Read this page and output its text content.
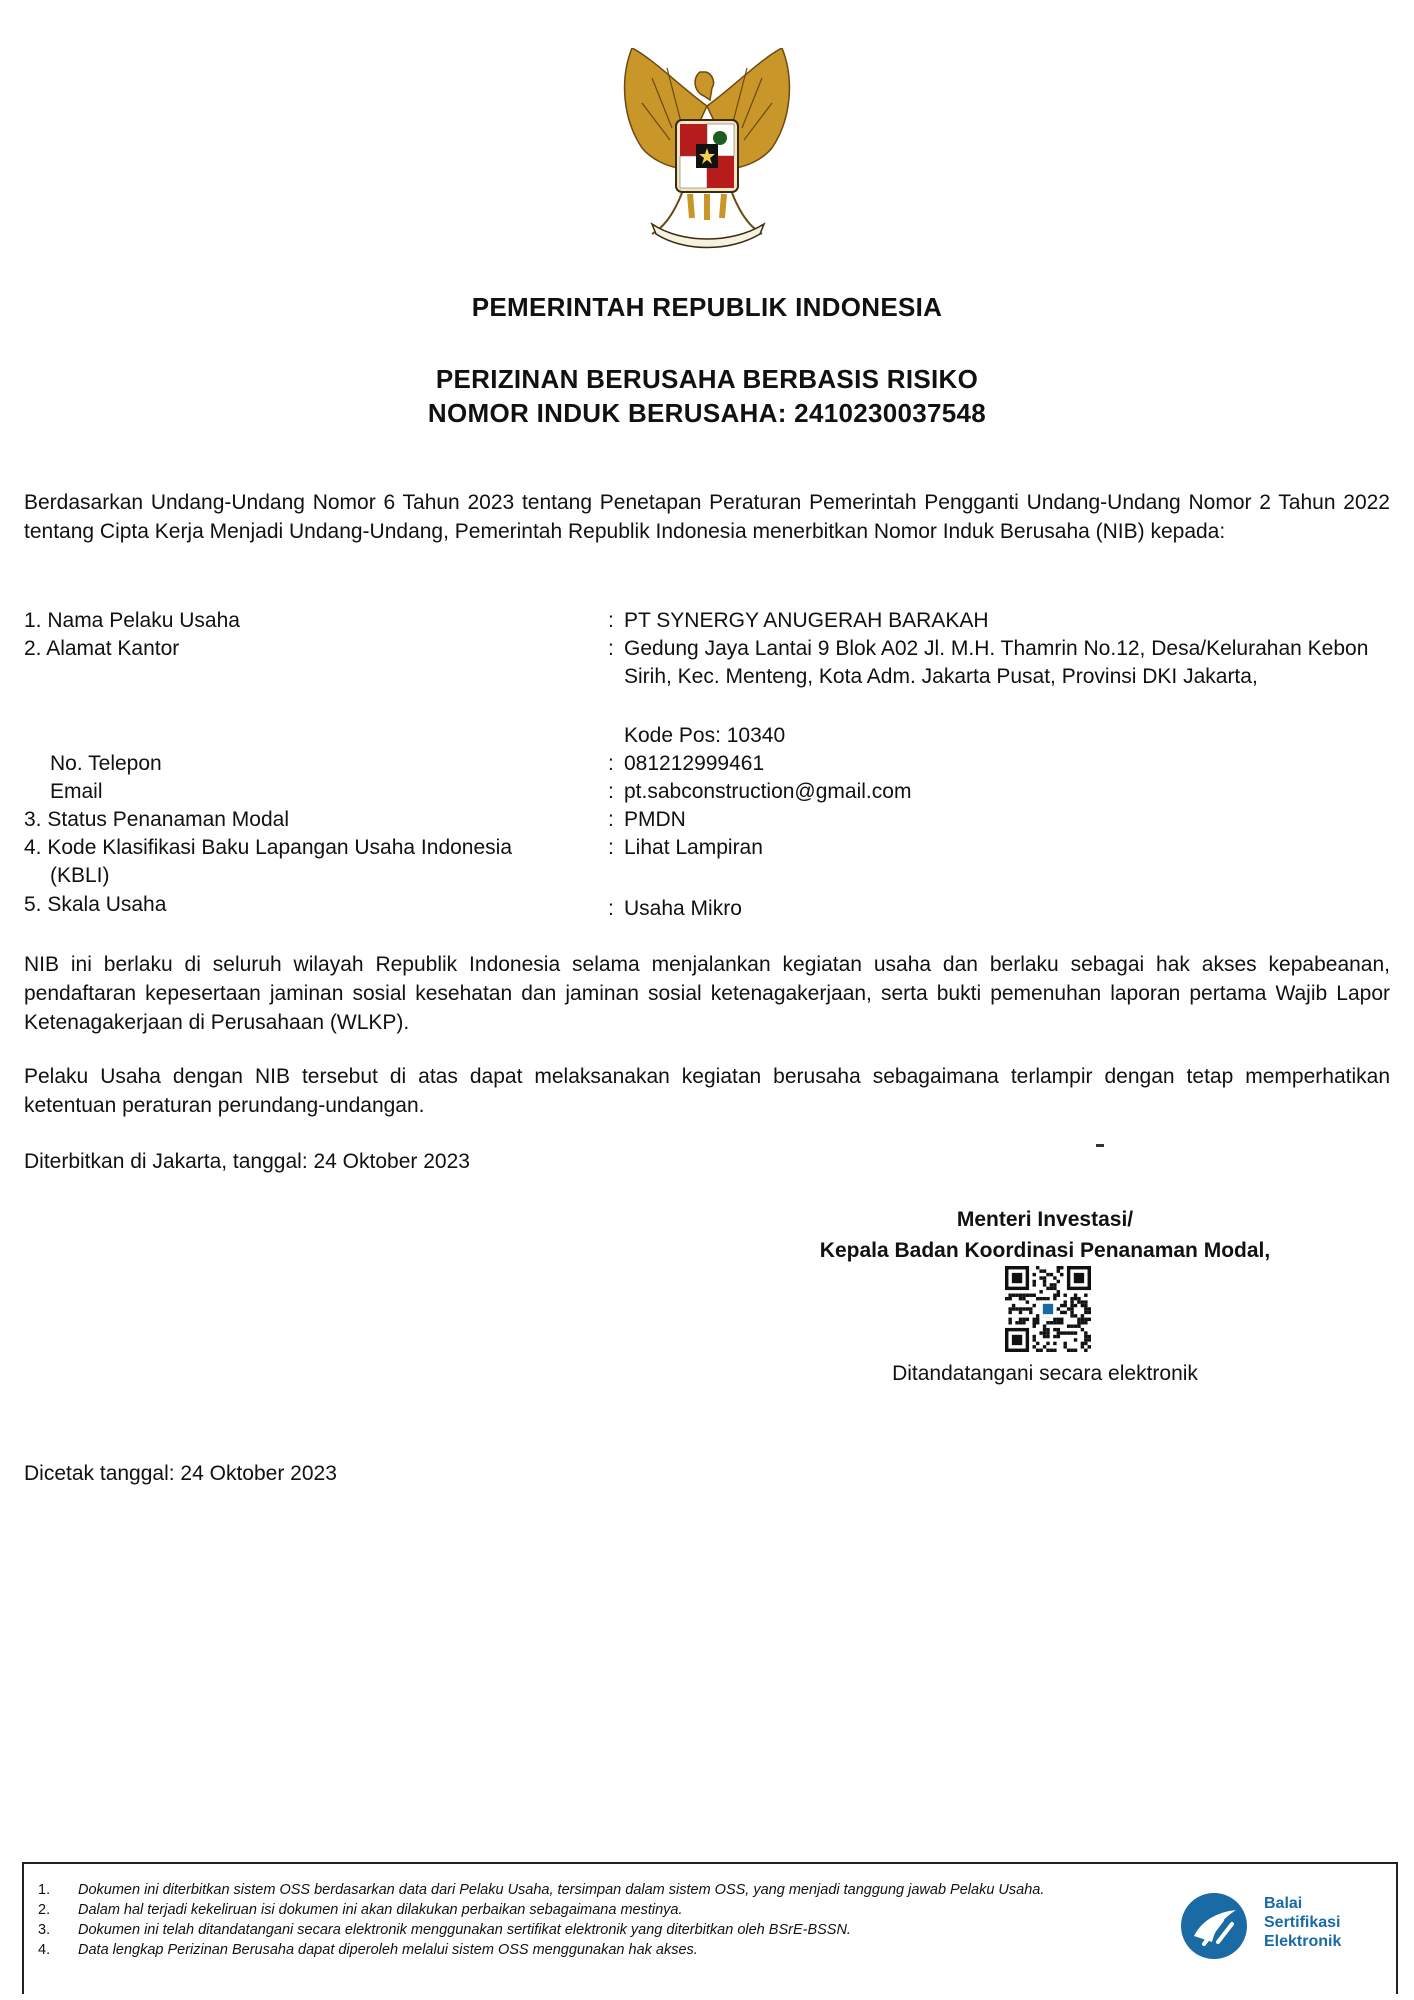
PEMERINTAH REPUBLIK INDONESIA
PERIZINAN BERUSAHA BERBASIS RISIKO
NOMOR INDUK BERUSAHA: 2410230037548
Berdasarkan Undang-Undang Nomor 6 Tahun 2023 tentang Penetapan Peraturan Pemerintah Pengganti Undang-Undang Nomor 2 Tahun 2022 tentang Cipta Kerja Menjadi Undang-Undang, Pemerintah Republik Indonesia menerbitkan Nomor Induk Berusaha (NIB) kepada:
1. Nama Pelaku Usaha	: PT SYNERGY ANUGERAH BARAKAH
2. Alamat Kantor	: Gedung Jaya Lantai 9 Blok A02 Jl. M.H. Thamrin No.12, Desa/Kelurahan Kebon Sirih, Kec. Menteng, Kota Adm. Jakarta Pusat, Provinsi DKI Jakarta,
Kode Pos: 10340
No. Telepon	: 081212999461
Email	: pt.sabconstruction@gmail.com
3. Status Penanaman Modal	: PMDN
4. Kode Klasifikasi Baku Lapangan Usaha Indonesia	: Lihat Lampiran
(KBLI)
5. Skala Usaha	: Usaha Mikro
NIB ini berlaku di seluruh wilayah Republik Indonesia selama menjalankan kegiatan usaha dan berlaku sebagai hak akses kepabeanan, pendaftaran kepesertaan jaminan sosial kesehatan dan jaminan sosial ketenagakerjaan, serta bukti pemenuhan laporan pertama Wajib Lapor Ketenagakerjaan di Perusahaan (WLKP).
Pelaku Usaha dengan NIB tersebut di atas dapat melaksanakan kegiatan berusaha sebagaimana terlampir dengan tetap memperhatikan ketentuan peraturan perundang-undangan.
Diterbitkan di Jakarta, tanggal: 24 Oktober 2023
Menteri Investasi/
Kepala Badan Koordinasi Penanaman Modal,
Ditandatangani secara elektronik
Dicetak tanggal: 24 Oktober 2023
1. Dokumen ini diterbitkan sistem OSS berdasarkan data dari Pelaku Usaha, tersimpan dalam sistem OSS, yang menjadi tanggung jawab Pelaku Usaha.
2. Dalam hal terjadi kekeliruan isi dokumen ini akan dilakukan perbaikan sebagaimana mestinya.
3. Dokumen ini telah ditandatangani secara elektronik menggunakan sertifikat elektronik yang diterbitkan oleh BSrE-BSSN.
4. Data lengkap Perizinan Berusaha dapat diperoleh melalui sistem OSS menggunakan hak akses.
Balai
Sertifikasi
Elektronik
